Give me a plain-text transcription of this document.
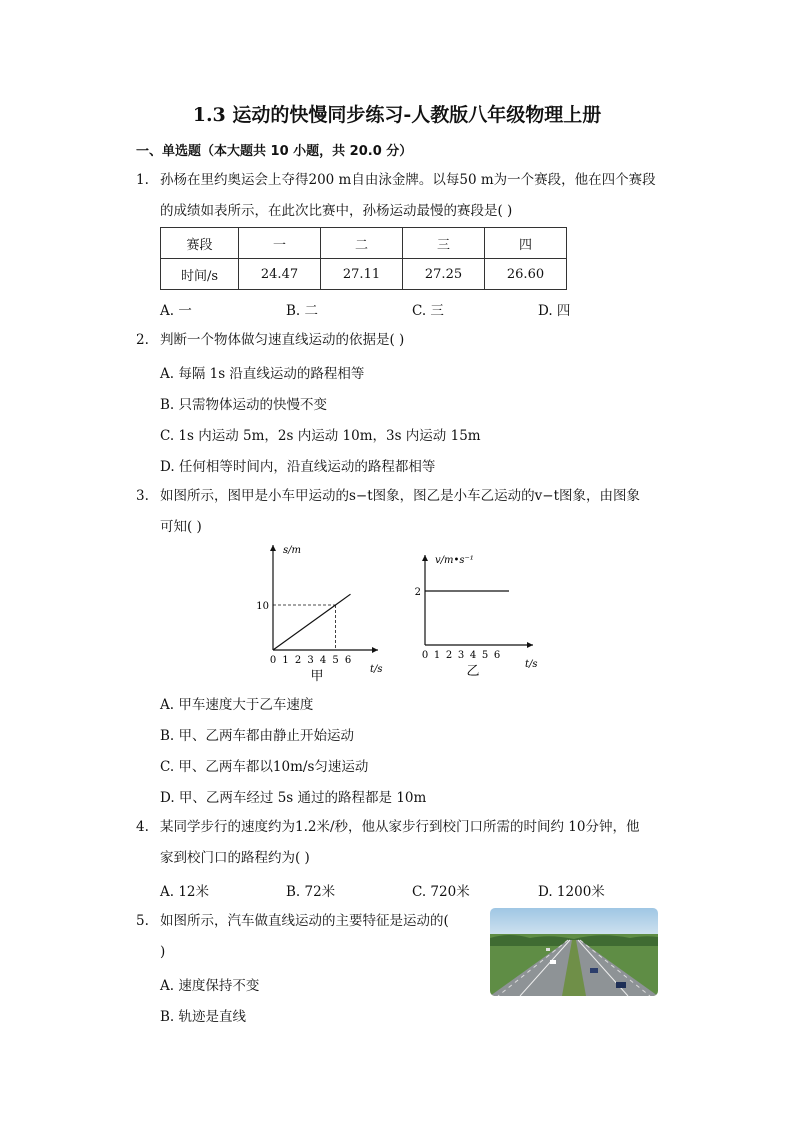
1.3 运动的快慢同步练习-人教版八年级物理上册
一、单选题（本大题共 10 小题，共 20.0 分）
1. 孙杨在里约奥运会上夺得200 m自由泳金牌。以每50 m为一个赛段，他在四个赛段
的成绩如表所示，在此次比赛中，孙杨运动最慢的赛段是( )
赛段	一	二	三	四
时间/s	24.47	27.11	27.25	26.60
A. 一	B. 二	C. 三	D. 四
2. 判断一个物体做匀速直线运动的依据是( )
A. 每隔 1s 沿直线运动的路程相等
B. 只需物体运动的快慢不变
C. 1s 内运动 5m，2s 内运动 10m，3s 内运动 15m
D. 任何相等时间内，沿直线运动的路程都相等
3. 如图所示，图甲是小车甲运动的s−t图象，图乙是小车乙运动的v−t图象，由图象
可知( )
s/m
t/s
0 1 2 3 4 5 6
10
甲
v/m•s⁻¹
t/s
0 1 2 3 4 5 6
2
乙
A. 甲车速度大于乙车速度
B. 甲、乙两车都由静止开始运动
C. 甲、乙两车都以10m/s匀速运动
D. 甲、乙两车经过 5s 通过的路程都是 10m
4. 某同学步行的速度约为1.2米/秒，他从家步行到校门口所需的时间约 10分钟，他
家到校门口的路程约为( )
A. 12米	B. 72米	C. 720米	D. 1200米
5. 如图所示，汽车做直线运动的主要特征是运动的(
)
A. 速度保持不变
B. 轨迹是直线
